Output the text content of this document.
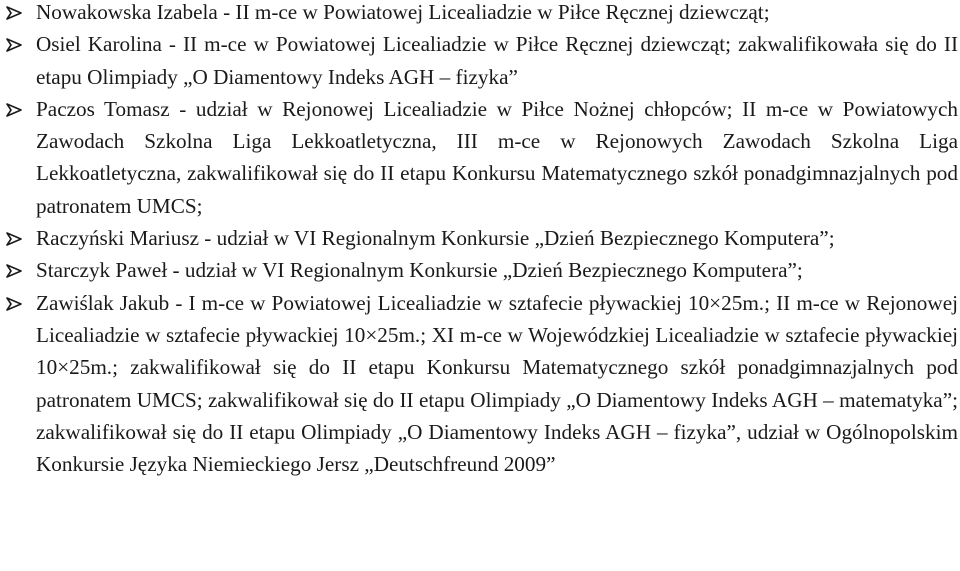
Nowakowska Izabela - II m-ce w Powiatowej Licealiadzie w Piłce Ręcznej dziewcząt;
Osiel Karolina - II m-ce w Powiatowej Licealiadzie w Piłce Ręcznej dziewcząt; zakwalifikowała się do II etapu Olimpiady „O Diamentowy Indeks AGH – fizyka”
Paczos Tomasz - udział w Rejonowej Licealiadzie w Piłce Nożnej chłopców; II m-ce w Powiatowych Zawodach Szkolna Liga Lekkoatletyczna, III m-ce w Rejonowych Zawodach Szkolna Liga Lekkoatletyczna, zakwalifikował się do II etapu Konkursu Matematycznego szkół ponadgimnazjalnych pod patronatem UMCS;
Raczyński Mariusz - udział w VI Regionalnym Konkursie „Dzień Bezpiecznego Komputera”;
Starczyk Paweł - udział w VI Regionalnym Konkursie „Dzień Bezpiecznego Komputera”;
Zawiślak Jakub - I m-ce w Powiatowej Licealiadzie w sztafecie pływackiej 10×25m.; II m-ce w Rejonowej Licealiadzie w sztafecie pływackiej 10×25m.; XI m-ce w Wojewódzkiej Licealiadzie w sztafecie pływackiej 10×25m.; zakwalifikował się do II etapu Konkursu Matematycznego szkół ponadgimnazjalnych pod patronatem UMCS; zakwalifikował się do II etapu Olimpiady „O Diamentowy Indeks AGH – matematyka”; zakwalifikował się do II etapu Olimpiady „O Diamentowy Indeks AGH – fizyka”, udział w Ogólnopolskim Konkursie Języka Niemieckiego Jersz „Deutschfreund 2009”
